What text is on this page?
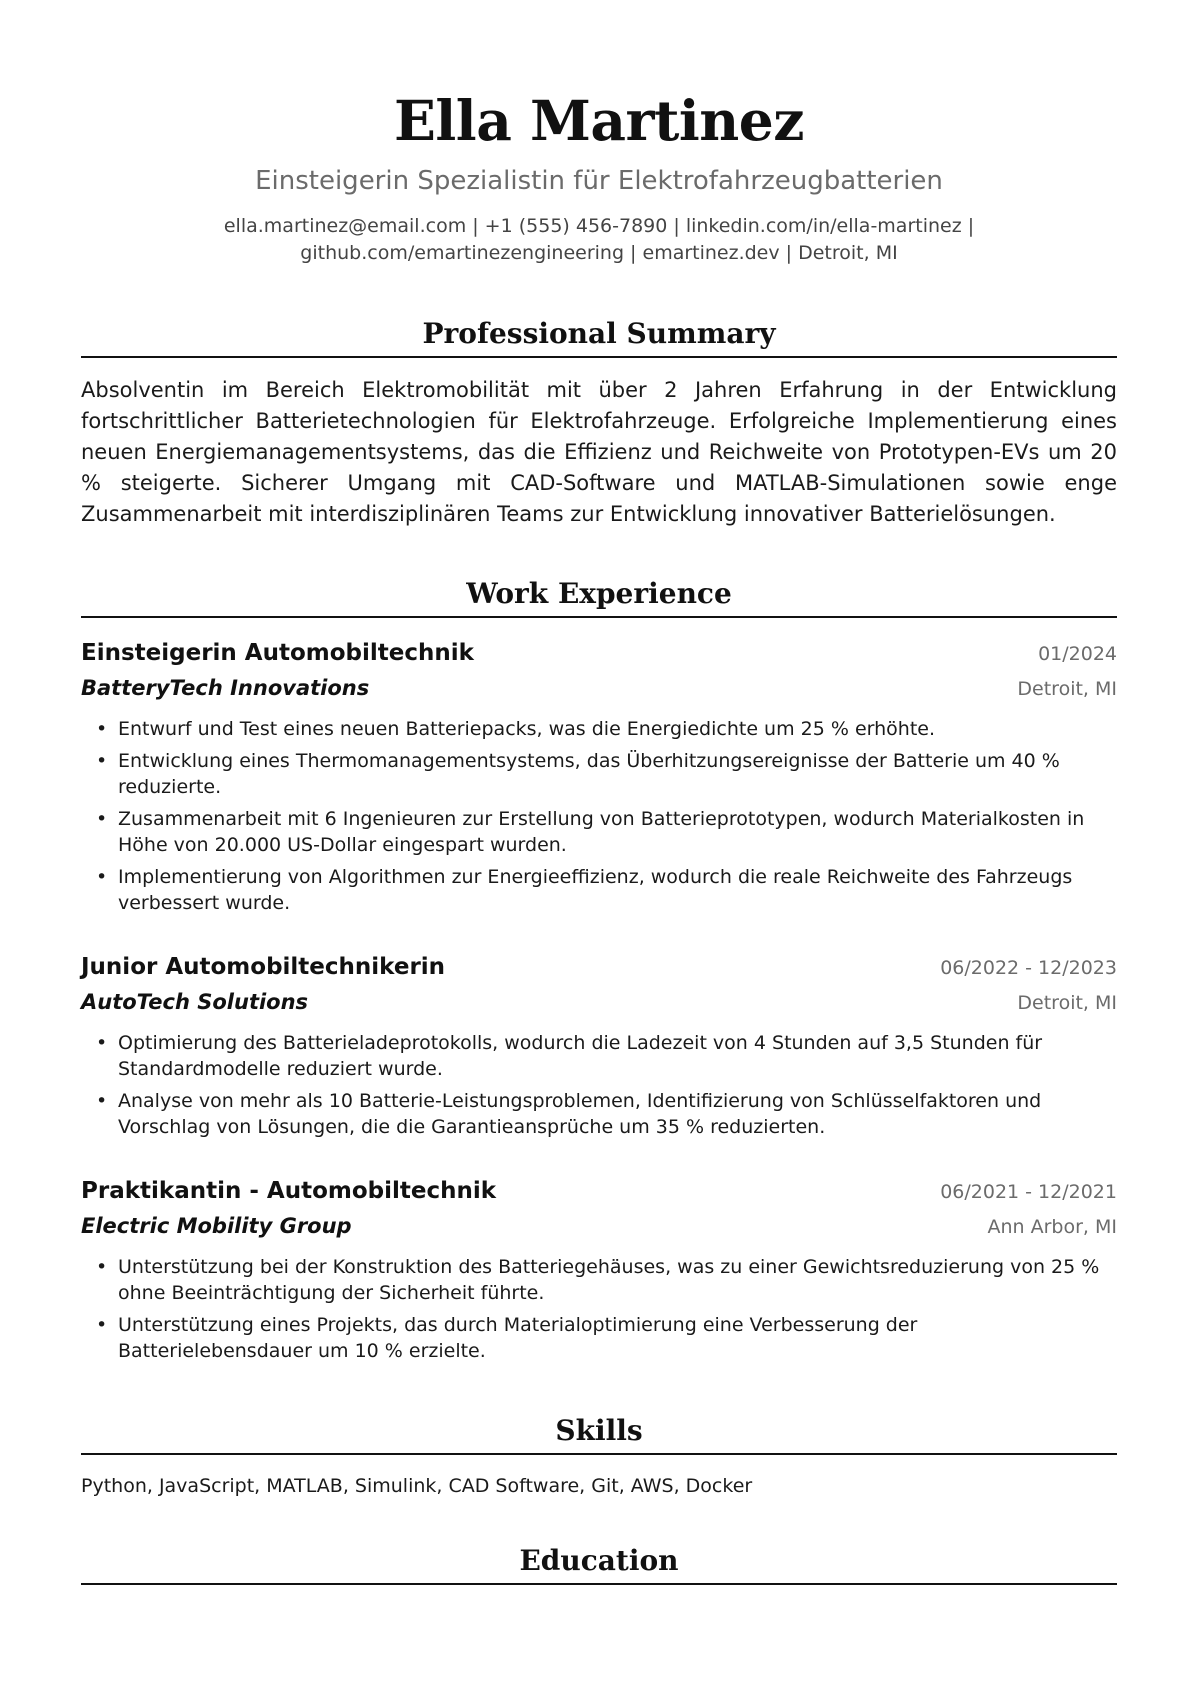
Ella Martinez
Einsteigerin Spezialistin für Elektrofahrzeugbatterien
ella.martinez@email.com | +1 (555) 456-7890 | linkedin.com/in/ella-martinez |
github.com/emartinezengineering | emartinez.dev | Detroit, MI
Professional Summary
Absolventin im Bereich Elektromobilität mit über 2 Jahren Erfahrung in der Entwicklung fortschrittlicher Batterietechnologien für Elektrofahrzeuge. Erfolgreiche Implementierung eines neuen Energiemanagementsystems, das die Effizienz und Reichweite von Prototypen-EVs um 20 % steigerte. Sicherer Umgang mit CAD-Software und MATLAB-Simulationen sowie enge Zusammenarbeit mit interdisziplinären Teams zur Entwicklung innovativer Batterielösungen.
Work Experience
Einsteigerin Automobiltechnik	01/2024
BatteryTech Innovations	Detroit, MI
• Entwurf und Test eines neuen Batteriepacks, was die Energiedichte um 25 % erhöhte.
• Entwicklung eines Thermomanagementsystems, das Überhitzungsereignisse der Batterie um 40 % reduzierte.
• Zusammenarbeit mit 6 Ingenieuren zur Erstellung von Batterieprototypen, wodurch Materialkosten in Höhe von 20.000 US-Dollar eingespart wurden.
• Implementierung von Algorithmen zur Energieeffizienz, wodurch die reale Reichweite des Fahrzeugs verbessert wurde.
Junior Automobiltechnikerin	06/2022 - 12/2023
AutoTech Solutions	Detroit, MI
• Optimierung des Batterieladeprotokolls, wodurch die Ladezeit von 4 Stunden auf 3,5 Stunden für Standardmodelle reduziert wurde.
• Analyse von mehr als 10 Batterie-Leistungsproblemen, Identifizierung von Schlüsselfaktoren und Vorschlag von Lösungen, die die Garantieansprüche um 35 % reduzierten.
Praktikantin - Automobiltechnik	06/2021 - 12/2021
Electric Mobility Group	Ann Arbor, MI
• Unterstützung bei der Konstruktion des Batteriegehäuses, was zu einer Gewichtsreduzierung von 25 % ohne Beeinträchtigung der Sicherheit führte.
• Unterstützung eines Projekts, das durch Materialoptimierung eine Verbesserung der Batterielebensdauer um 10 % erzielte.
Skills
Python, JavaScript, MATLAB, Simulink, CAD Software, Git, AWS, Docker
Education
